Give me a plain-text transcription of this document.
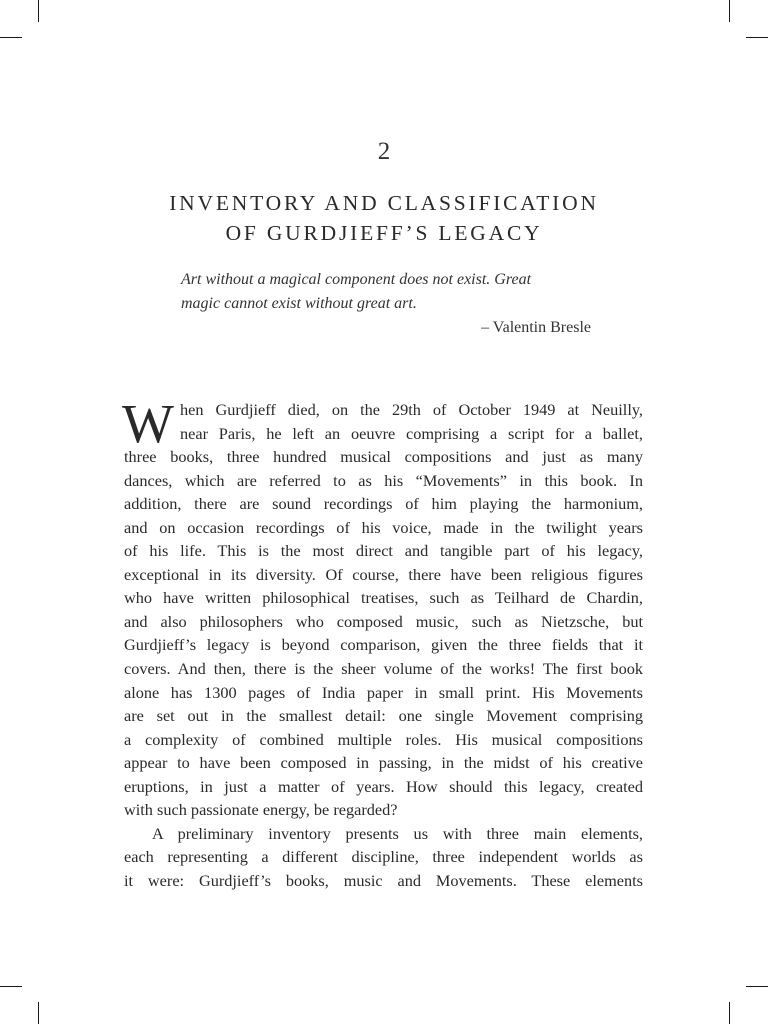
2
INVENTORY AND CLASSIFICATION
OF GURDJIEFF’S LEGACY
Art without a magical component does not exist. Great
magic cannot exist without great art.
– Valentin Bresle
W hen Gurdjieff died, on the 29th of October 1949 at Neuilly,
near Paris, he left an oeuvre comprising a script for a ballet,
three books, three hundred musical compositions and just as many
dances, which are referred to as his “Movements” in this book. In
addition, there are sound recordings of him playing the harmonium,
and on occasion recordings of his voice, made in the twilight years
of his life. This is the most direct and tangible part of his legacy,
exceptional in its diversity. Of course, there have been religious figures
who have written philosophical treatises, such as Teilhard de Chardin,
and also philosophers who composed music, such as Nietzsche, but
Gurdjieff’s legacy is beyond comparison, given the three fields that it
covers. And then, there is the sheer volume of the works! The first book
alone has 1300 pages of India paper in small print. His Movements
are set out in the smallest detail: one single Movement comprising
a complexity of combined multiple roles. His musical compositions
appear to have been composed in passing, in the midst of his creative
eruptions, in just a matter of years. How should this legacy, created
with such passionate energy, be regarded?
A preliminary inventory presents us with three main elements,
each representing a different discipline, three independent worlds as
it were: Gurdjieff’s books, music and Movements. These elements
